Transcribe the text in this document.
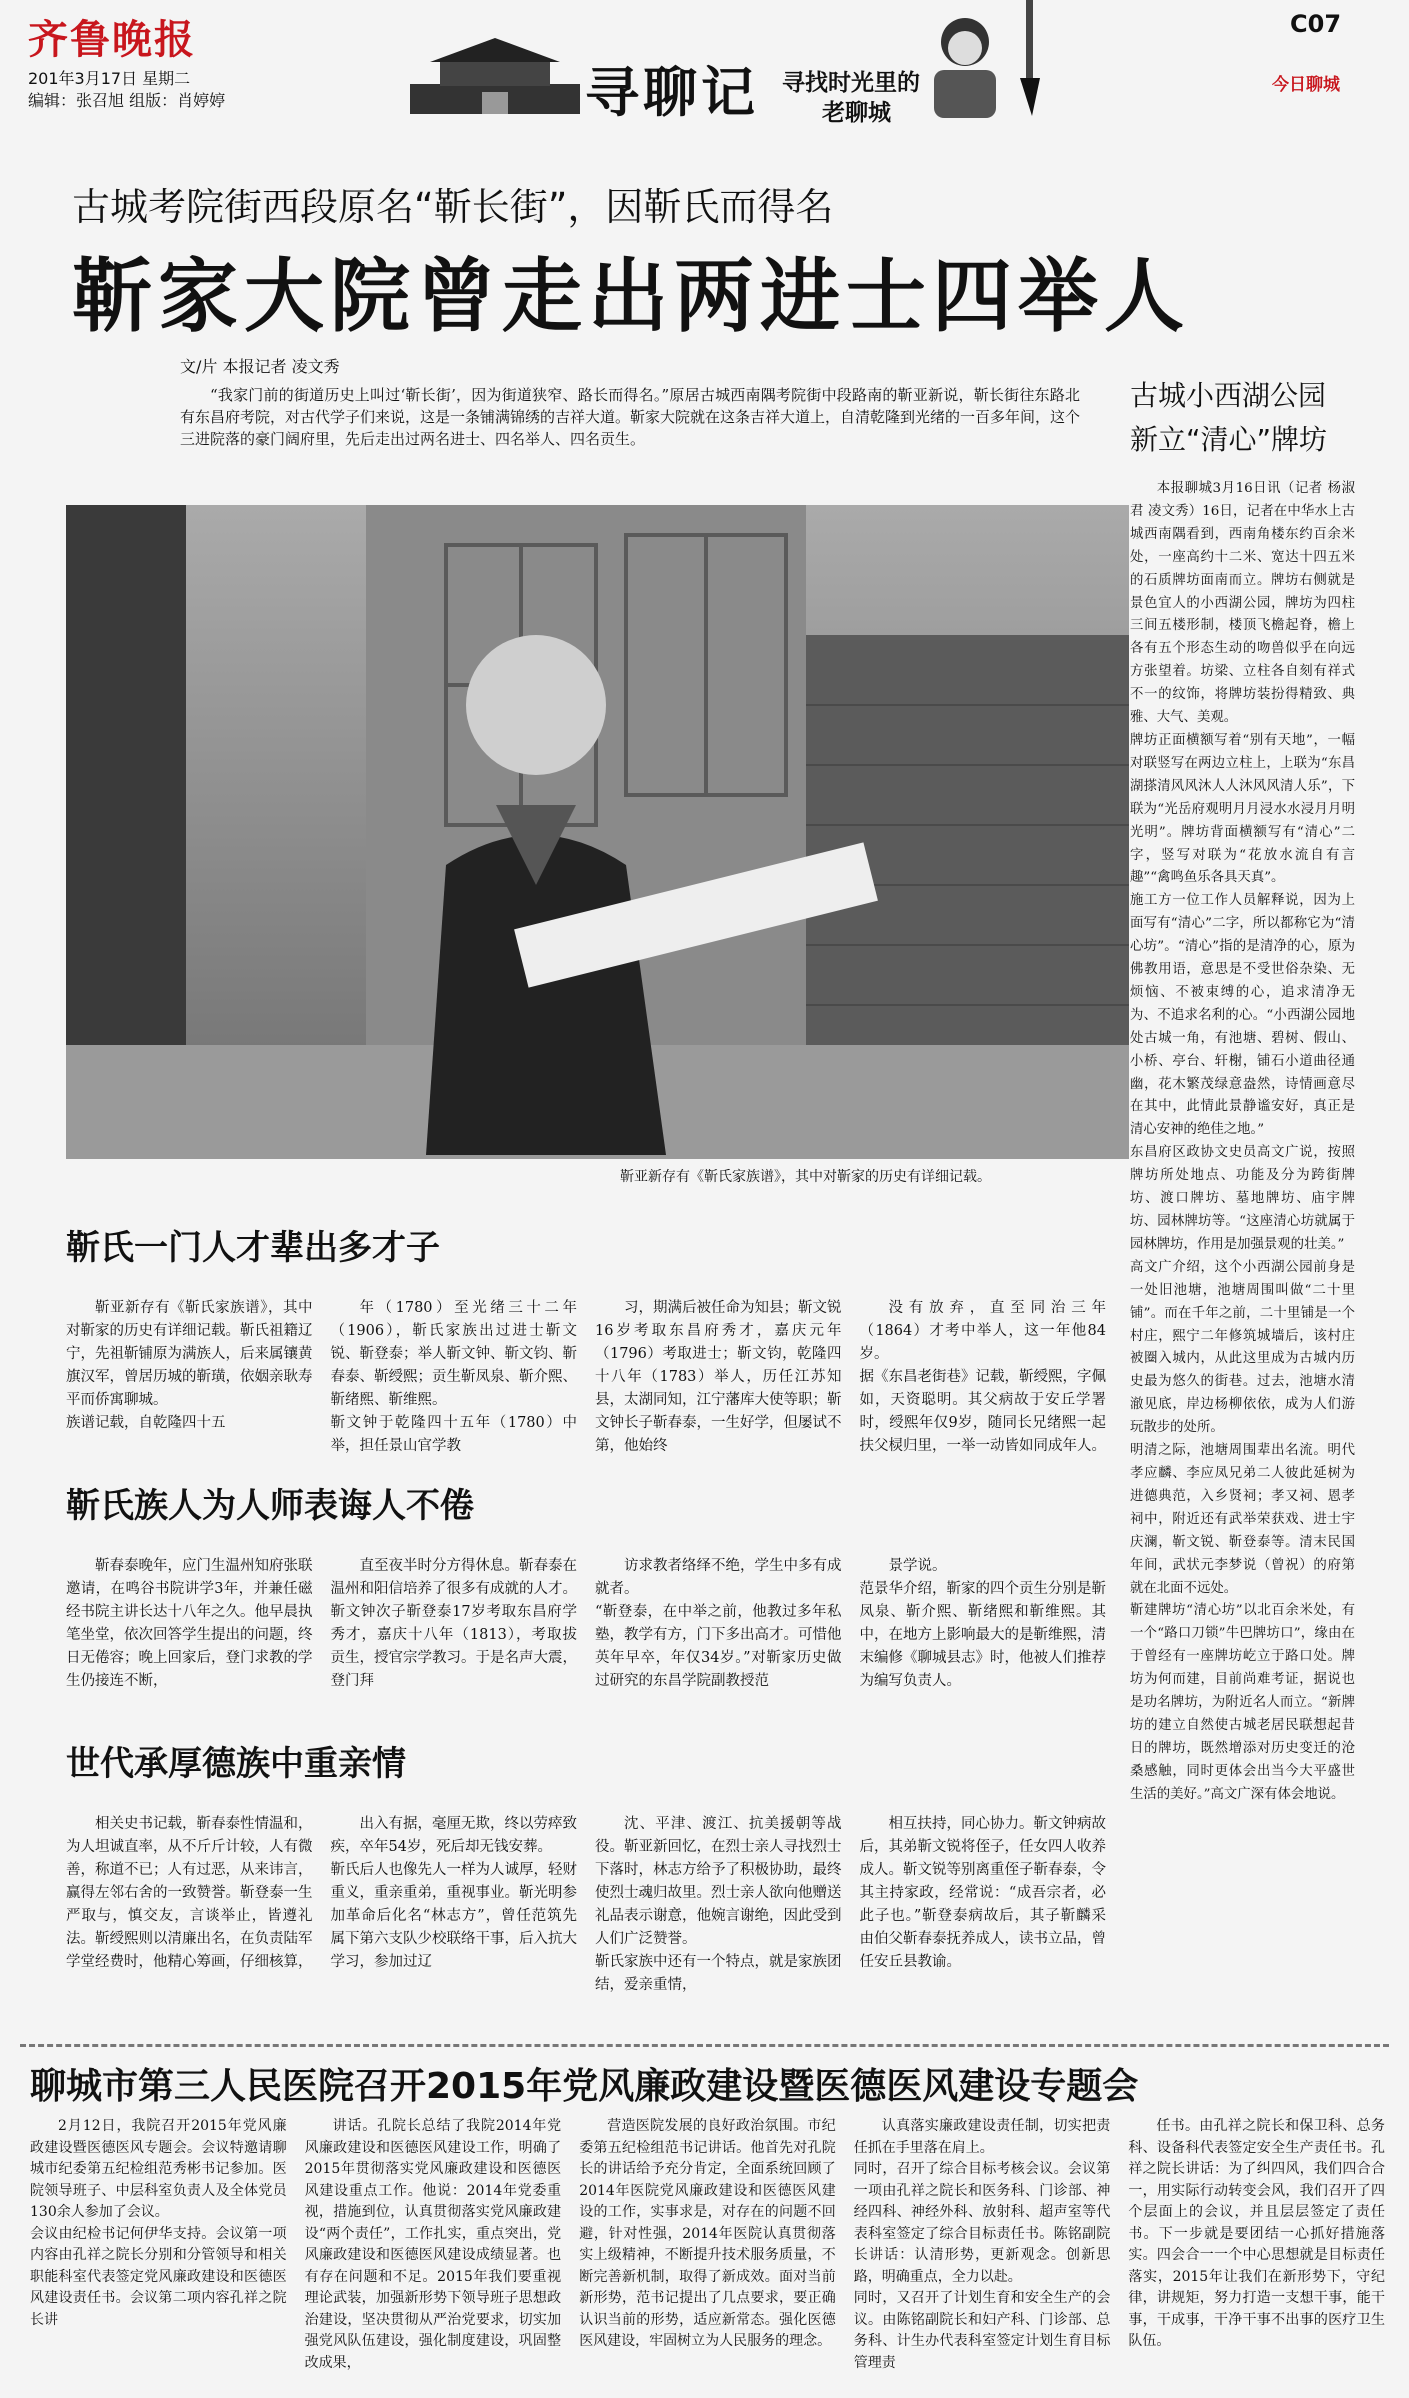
齐鲁晚报
201年3月17日 星期二
编辑：张召旭 组版：肖婷婷	寻聊记 寻找时光里的
老聊城
C07
今日聊城
古城考院街西段原名“靳长街”，因靳氏而得名
靳家大院曾走出两进士四举人
文/片 本报记者 凌文秀
“我家门前的街道历史上叫过‘靳长街’，因为街道狭窄、路长而得名。”原居古城西南隅考院街中段路南的靳亚新说，靳长街往东路北有东昌府考院，对古代学子们来说，这是一条铺满锦绣的吉祥大道。靳家大院就在这条吉祥大道上，自清乾隆到光绪的一百多年间，这个三进院落的豪门阔府里，先后走出过两名进士、四名举人、四名贡生。
靳亚新存有《靳氏家族谱》，其中对靳家的历史有详细记载。
古城小西湖公园
新立“清心”牌坊
本报聊城3月16日讯（记者 杨淑君 凌文秀）16日，记者在中华水上古城西南隅看到，西南角楼东约百余米处，一座高约十二米、宽达十四五米的石质牌坊面南而立。牌坊右侧就是景色宜人的小西湖公园，牌坊为四柱三间五楼形制，楼顶飞檐起脊，檐上各有五个形态生动的吻兽似乎在向远方张望着。坊梁、立柱各自刻有祥式不一的纹饰，将牌坊装扮得精致、典雅、大气、美观。
牌坊正面横额写着“别有天地”，一幅对联竖写在两边立柱上，上联为“东昌湖搽清风风沐人人沐风风清人乐”，下联为“光岳府观明月月浸水水浸月月明光明”。牌坊背面横额写有“清心”二字，竖写对联为“花放水流自有言趣”“禽鸣鱼乐各具天真”。
施工方一位工作人员解释说，因为上面写有“清心”二字，所以都称它为“清心坊”。“清心”指的是清净的心，原为佛教用语，意思是不受世俗杂染、无烦恼、不被束缚的心，追求清净无为、不追求名利的心。“小西湖公园地处古城一角，有池塘、碧树、假山、小桥、亭台、轩榭，铺石小道曲径通幽，花木繁茂绿意盎然，诗情画意尽在其中，此情此景静谧安好，真正是清心安神的绝佳之地。”
东昌府区政协文史员高文广说，按照牌坊所处地点、功能及分为跨街牌坊、渡口牌坊、墓地牌坊、庙宇牌坊、园林牌坊等。“这座清心坊就属于园林牌坊，作用是加强景观的壮美。”
高文广介绍，这个小西湖公园前身是一处旧池塘，池塘周围叫做“二十里铺”。而在千年之前，二十里铺是一个村庄，熙宁二年修筑城墙后，该村庄被圈入城内，从此这里成为古城内历史最为悠久的街巷。过去，池塘水清澈见底，岸边杨柳依依，成为人们游玩散步的处所。
明清之际，池塘周围辈出名流。明代孝应麟、李应凤兄弟二人彼此延树为进德典范，入乡贤祠；孝又祠、恩孝祠中，附近还有武举荣获戏、进士宇庆澜，靳文锐、靳登泰等。清末民国年间，武状元李梦说（曾祝）的府第就在北面不远处。
靳建牌坊“清心坊”以北百余米处，有一个“路口刀锁”牛巴牌坊口”，缘由在于曾经有一座牌坊屹立于路口处。牌坊为何而建，目前尚难考证，据说也是功名牌坊，为附近名人而立。“新牌坊的建立自然使古城老居民联想起昔日的牌坊，既然增添对历史变迁的沧桑感触，同时更体会出当今大平盛世生活的美好。”高文广深有体会地说。
靳氏一门人才辈出多才子
靳亚新存有《靳氏家族谱》，其中对靳家的历史有详细记载。靳氏祖籍辽宁，先祖靳铺原为满族人，后来属镶黄旗汉军，曾居历城的靳璜，依姻亲耿寿平而侨寓聊城。
族谱记载，自乾隆四十五
年（1780）至光绪三十二年（1906），靳氏家族出过进士靳文锐、靳登泰；举人靳文钟、靳文钧、靳春泰、靳绶熙；贡生靳凤泉、靳介熙、靳绪熙、靳维熙。
靳文钟于乾隆四十五年（1780）中举，担任景山官学教
习，期满后被任命为知县；靳文锐16岁考取东昌府秀才，嘉庆元年（1796）考取进士；靳文钧，乾隆四十八年（1783）举人，历任江苏知县，太湖同知，江宁藩库大使等职；靳文钟长子靳春泰，一生好学，但屡试不第，他始终
没有放弃，直至同治三年（1864）才考中举人，这一年他84岁。
据《东昌老街巷》记载，靳绶熙，字佩如，天资聪明。其父病故于安丘学署时，绶熙年仅9岁，随同长兄绪熙一起扶父棂归里，一举一动皆如同成年人。
靳氏族人为人师表诲人不倦
靳春泰晚年，应门生温州知府张联邀请，在鸣谷书院讲学3年，并兼任磁经书院主讲长达十八年之久。他早晨执笔坐堂，依次回答学生提出的问题，终日无倦容；晚上回家后，登门求教的学生仍接连不断，
直至夜半时分方得休息。靳春泰在温州和阳信培养了很多有成就的人才。
靳文钟次子靳登泰17岁考取东昌府学秀才，嘉庆十八年（1813），考取拔贡生，授官宗学教习。于是名声大震，登门拜
访求教者络绎不绝，学生中多有成就者。
“靳登泰，在中举之前，他教过多年私塾，教学有方，门下多出高才。可惜他英年早卒，年仅34岁。”对靳家历史做过研究的东昌学院副教授范
景学说。
范景华介绍，靳家的四个贡生分别是靳凤泉、靳介熙、靳绪熙和靳维熙。其中，在地方上影响最大的是靳维熙，清末编修《聊城县志》时，他被人们推荐为编写负责人。
世代承厚德族中重亲情
相关史书记载，靳春泰性情温和，为人坦诚直率，从不斤斤计较，人有微善，称道不已；人有过恶，从来讳言，赢得左邻右舍的一致赞誉。靳登泰一生严取与，慎交友，言谈举止，皆遵礼法。靳绶熙则以清廉出名，在负责陆军学堂经费时，他精心筹画，仔细核算，
出入有据，毫厘无欺，终以劳瘁致疾，卒年54岁，死后却无钱安葬。
靳氏后人也像先人一样为人诚厚，轻财重义，重亲重弟，重视事业。靳光明参加革命后化名“林志方”，曾任范筑先属下第六支队少校联络干事，后入抗大学习，参加过辽
沈、平津、渡江、抗美援朝等战役。靳亚新回忆，在烈士亲人寻找烈士下落时，林志方给予了积极协助，最终使烈士魂归故里。烈士亲人欲向他赠送礼品表示谢意，他婉言谢绝，因此受到人们广泛赞誉。
靳氏家族中还有一个特点，就是家族团结，爱亲重情，
相互扶持，同心协力。靳文钟病故后，其弟靳文锐将侄子，任女四人收养成人。靳文锐等别离重侄子靳春泰，令其主持家政，经常说：“成吾宗者，必此子也。”靳登泰病故后，其子靳麟采由伯父靳春泰抚养成人，读书立品，曾任安丘县教谕。
聊城市第三人民医院召开2015年党风廉政建设暨医德医风建设专题会
2月12日，我院召开2015年党风廉政建设暨医德医风专题会。会议特邀请聊城市纪委第五纪检组范秀彬书记参加。医院领导班子、中层科室负责人及全体党员130余人参加了会议。
会议由纪检书记何伊华支持。会议第一项内容由孔祥之院长分别和分管领导和相关职能科室代表签定党风廉政建设和医德医风建设责任书。会议第二项内容孔祥之院长讲
讲话。孔院长总结了我院2014年党风廉政建设和医德医风建设工作，明确了2015年贯彻落实党风廉政建设和医德医风建设重点工作。他说：2014年党委重视，措施到位，认真贯彻落实党风廉政建设“两个责任”，工作扎实，重点突出，党风廉政建设和医德医风建设成绩显著。也有存在问题和不足。2015年我们要重视理论武装，加强新形势下领导班子思想政治建设，坚决贯彻从严治党要求，切实加强党风队伍建设，强化制度建设，巩固整改成果，
营造医院发展的良好政治氛围。市纪委第五纪检组范书记讲话。他首先对孔院长的讲话给予充分肯定，全面系统回顾了2014年医院党风廉政建设和医德医风建设的工作，实事求是，对存在的问题不回避，针对性强，2014年医院认真贯彻落实上级精神，不断提升技术服务质量，不断完善新机制，取得了新成效。面对当前新形势，范书记提出了几点要求，要正确认识当前的形势，适应新常态。强化医德医风建设，牢固树立为人民服务的理念。
认真落实廉政建设责任制，切实把责任抓在手里落在肩上。
同时，召开了综合目标考核会议。会议第一项由孔祥之院长和医务科、门诊部、神经四科、神经外科、放射科、超声室等代表科室签定了综合目标责任书。陈铭副院长讲话：认清形势，更新观念。创新思路，明确重点，全力以赴。
同时，又召开了计划生育和安全生产的会议。由陈铭副院长和妇产科、门诊部、总务科、计生办代表科室签定计划生育目标管理责
任书。由孔祥之院长和保卫科、总务科、设备科代表签定安全生产责任书。孔祥之院长讲话：为了纠四风，我们四合合一，用实际行动转变会风，我们召开了四个层面上的会议，并且层层签定了责任书。下一步就是要团结一心抓好措施落实。四会合一一个中心思想就是目标责任落实，2015年让我们在新形势下，守纪律，讲规矩，努力打造一支想干事，能干事，干成事，干净干事不出事的医疗卫生队伍。
